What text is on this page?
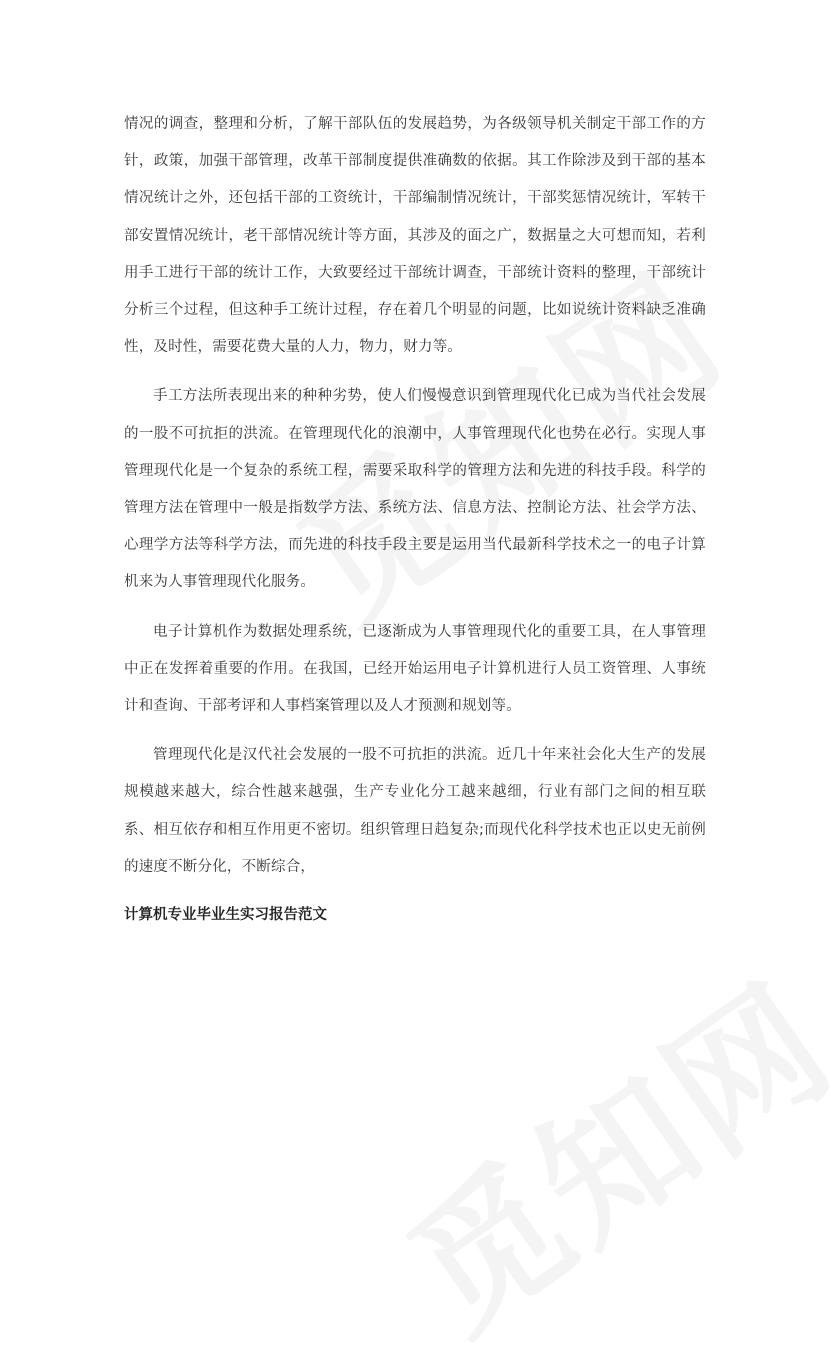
情况的调查，整理和分析，了解干部队伍的发展趋势，为各级领导机关制定干部工作的方针，政策，加强干部管理，改革干部制度提供准确数的依据。其工作除涉及到干部的基本情况统计之外，还包括干部的工资统计，干部编制情况统计，干部奖惩情况统计，军转干部安置情况统计，老干部情况统计等方面，其涉及的面之广，数据量之大可想而知，若利用手工进行干部的统计工作，大致要经过干部统计调查，干部统计资料的整理，干部统计分析三个过程，但这种手工统计过程，存在着几个明显的问题，比如说统计资料缺乏准确性，及时性，需要花费大量的人力，物力，财力等。

手工方法所表现出来的种种劣势，使人们慢慢意识到管理现代化已成为当代社会发展的一股不可抗拒的洪流。在管理现代化的浪潮中，人事管理现代化也势在必行。实现人事管理现代化是一个复杂的系统工程，需要采取科学的管理方法和先进的科技手段。科学的管理方法在管理中一般是指数学方法、系统方法、信息方法、控制论方法、社会学方法、心理学方法等科学方法，而先进的科技手段主要是运用当代最新科学技术之一的电子计算机来为人事管理现代化服务。

电子计算机作为数据处理系统，已逐渐成为人事管理现代化的重要工具，在人事管理中正在发挥着重要的作用。在我国，已经开始运用电子计算机进行人员工资管理、人事统计和查询、干部考评和人事档案管理以及人才预测和规划等。

管理现代化是汉代社会发展的一股不可抗拒的洪流。近几十年来社会化大生产的发展规模越来越大，综合性越来越强，生产专业化分工越来越细，行业有部门之间的相互联系、相互依存和相互作用更不密切。组织管理日趋复杂;而现代化科学技术也正以史无前例的速度不断分化，不断综合，

计算机专业毕业生实习报告范文
